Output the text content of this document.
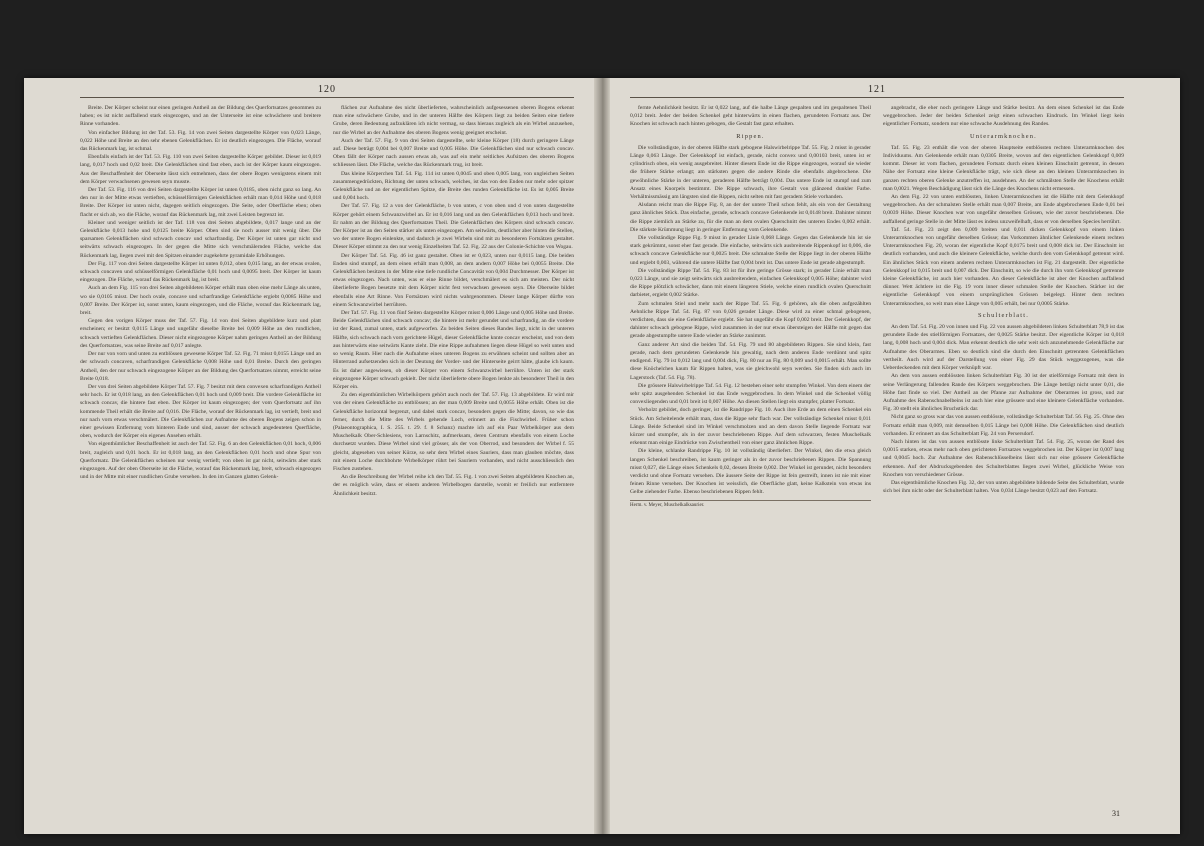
120

Breite. Der Körper scheint nur einen geringen Antheil an der Bildung des Querfortsatzes genommen zu haben; es ist nicht auffallend stark eingezogen, und an der Unterseite ist eine schwächere und breitere Rinne vorhanden.

Von einfacher Bildung ist der Taf. 53. Fig. 14 von zwei Seiten dargestellte Körper von 0,023 Länge, 0,022 Höhe und Breite an den sehr ebenen Gelenkflächen. Er ist deutlich eingezogen. Die Fläche, worauf das Rückenmark lag, ist schmal.

Ebenfalls einfach ist der Taf. 53. Fig. 110 von zwei Seiten dargestellte Körper gebildet. Dieser ist 0,019 lang, 0,017 hoch und 0,02 breit. Die Gelenkflächen sind fast eben, auch ist der Körper kaum eingezogen. Aus der Beschaffenheit der Oberseite lässt sich entnehmen, dass der obere Bogen wenigstens einem mit dem Körper verwachsenen gewesen seyn musste.

Der Taf. 53. Fig. 116 von drei Seiten dargestellte Körper ist unten 0,0185, oben nicht ganz so lang. An den nur in der Mitte etwas vertieften, schüsselförmigen Gelenkflächen erhält man 0,014 Höhe und 0,018 Breite. Der Körper ist unten nicht, dagegen seitlich eingezogen. Die Seite, oder Oberfläche eben; oben flacht er sich ab, wo die Fläche, worauf das Rückenmark lag, mit zwei Leisten begrenzt ist.

Kleiner und weniger seitlich ist der Taf. 118 von drei Seiten abgebildete, 0,017 lange und an der Gelenkfläche 0,013 hohe und 0,0125 breite Körper. Oben sind sie noch ausser mit wenig über. Die sparsamen Gelenkflächen sind schwach concav und scharfrandig. Der Körper ist unten gar nicht und seitwärts schwach eingezogen. In der gegen die Mitte sich verschmälernden Fläche, welche das Rückenmark lag, liegen zwei mit den Spitzen einander zugekehrte pyramidale Erhöhungen.

Der Fig. 117 von drei Seiten dargestellte Körper ist unten 0,012, oben 0,015 lang, an der etwas ovalen, schwach concaven und schüsselförmigen Gelenkfläche 0,01 hoch und 0,0095 breit. Der Körper ist kaum eingezogen. Die Fläche, worauf das Rückenmark lag, ist breit.

Auch an dem Fig. 115 von drei Seiten abgebildeten Körper erhält man oben eine mehr Länge als unten, wo sie 0,0105 misst. Der hoch ovale, concave und scharfrandige Gelenkfläche ergiebt 0,0085 Höhe und 0,007 Breite. Der Körper ist, sonst unten, kaum eingezogen, und die Fläche, worauf das Rückenmark lag, breit.

Gegen den vorigen Körper muss der Taf. 57. Fig. 14 von drei Seiten abgebildete kurz und platt erscheinen; er besitzt 0,0115 Länge und ungefähr dieselbe Breite bei 0,009 Höhe an den rundlichen, schwach vertieften Gelenkflächen. Dieser nicht eingezogene Körper nahm geringen Antheil an der Bildung des Querfortsatzes, was seine Breite auf 0,017 anlegte.

Der nur von vorn und unten zu entblössen gewesene Körper Taf. 52. Fig. 71 misst 0,0155 Länge und an der schwach concaven, scharfrandigen Gelenkfläche 0,008 Höhe und 0,01 Breite. Durch den geringen Antheil, den der nur schwach eingezogene Körper an der Bildung des Querfortsatzes nimmt, erreicht seine Breite 0,018.

Der von drei Seiten abgebildete Körper Taf. 57. Fig. 7 besitzt mit dem convexen scharfrandigen Antheil sehr hoch. Er ist 0,018 lang, an den Gelenkflächen 0,01 hoch und 0,009 breit. Die vordere Gelenkfläche ist schwach concav, die hintere fast eben. Der Körper ist kaum eingezogen; der vom Querfortsatz auf ihn kommende Theil erhält die Breite auf 0,016. Die Fläche, worauf der Rückenmark lag, ist vertieft, breit und nur nach vorn etwas verschmälert. Die Gelenkflächen zur Aufnahme des oberen Bogens zeigen schon in einer gewissen Entfernung vom hinteren Ende und sind, ausser der schwach angedeuteten Querfläche, oben, wodurch der Körper ein eigenes Ansehen erhält.

Von eigenthümlicher Beschaffenheit ist auch der Taf. 52. Fig. 6 an den Gelenkflächen 0,01 hoch, 0,006 breit, zugleich und 0,01 hoch. Er ist 0,018 lang, an den Gelenkflächen 0,01 hoch und ohne Spur von Querfortsatz. Die Gelenkflächen scheinen nur wenig vertieft; von oben ist gar nicht, seitwärts aber stark eingezogen. Auf der oben Oberseite ist die Fläche, worauf das Rückenmark lag, breit, schwach eingezogen und in der Mitte mit einer rundlichen Grube versehen. In den im Ganzen glatten Gelenk-

flächen zur Aufnahme des nicht überlieferten, wahrscheinlich aufgesessenen oberen Bogens erkennt man eine schwächere Grube, und in der unteren Hälfte des Körpers liegt zu beiden Seiten eine tiefere Grube, deren Bedeutung aufzuklären ich nicht vermag, so dass hieraus zugleich als ein Wirbel anzusehen, nur die Wirbel an der Aufnahme des oberen Bogens wenig geeignet erscheint.

Auch der Taf. 57. Fig. 9 von drei Seiten dargestellte, sehr kleine Körper (18) durch geringere Länge auf. Diese beträgt 0,004 bei 0,007 Breite und 0,005 Höhe. Die Gelenkflächen sind nur schwach concav. Oben fällt der Körper nach aussen etwas ab, was auf ein mehr seitliches Aufsitzen des oberen Bogens schliessen lässt. Die Fläche, welche das Rückenmark trug, ist breit.

Das kleine Körperchen Taf. 54. Fig. 114 ist unten 0,0045 und oben 0,005 lang, von ungleichen Seiten zusammengedrückten, Richtung der unten schwach, welches, ist das von den Enden nur mehr oder spitzer Gelenkfläche und an der eigentlichen Spitze, die Breite des runden Gelenkfläche ist. Es ist 0,005 Breite und 0,004 hoch.

Der Taf. 57. Fig. 12 a von der Gelenkfläche, b von unten, c von oben und d von unten dargestellte Körper gehört einem Schwanzwirbel an. Er ist 0,016 lang und an den Gelenkflächen 0,013 hoch und breit. Er nahm an der Bildung des Querfortsatzes Theil. Die Gelenkflächen des Körpers sind schwach concav. Der Körper ist an den Seiten stärker als unten eingezogen. Am seitwärts, deutlicher aber hinten die Stellen, wo der untere Bogen einlenkte, und dadurch je zwei Wirbeln sind mit zu besonderen Fortsätzen gestaltet. Dieser Körper stimmt zu den nur wenig Einzelheiten Taf. 52. Fig. 22 aus der Colonie-Schichte von Wogau.

Der Körper Taf. 54. Fig. 46 ist ganz gestaltet. Oben ist er 0,023, unten nur 0,0115 lang. Die beiden Enden sind stumpf, an dem einen erhält man 0,008, an dem andern 0,007 Höhe bei 0,0055 Breite. Die Gelenkflächen besitzen in der Mitte eine tiefe rundliche Concavität von 0,004 Durchmesser. Der Körper ist etwas eingezogen. Nach unten, was er eine Rinne bildet, verschmälert es sich am meisten. Der nicht überlieferte Bogen besetzte mit dem Körper nicht fest verwachsen gewesen seyn. Die Oberseite bildet ebenfalls eine Art Rinne. Von Fortsätzen wird nichts wahrgenommen. Dieser lange Körper dürfte von einem Schwanzwirbel herrühren.

Der Taf. 57. Fig. 11 von fünf Seiten dargestellte Körper misst 0,006 Länge und 0,005 Höhe und Breite. Beide Gelenkflächen sind schwach concav; die hintere ist mehr gerundet und scharfrandig, an die vordere ist der Rand, zumal unten, stark aufgeworfen. Zu beiden Seiten dieses Randes liegt, nicht in der unteren Hälfte, sich schwach nach vorn gerichtete Hügel, dieser Gelenkfläche knnte concav erscheint, und von dem aus hinterwärts eine seitwärts Kante zieht. Die eine Rippe aufnahmen liegen diese Hügel so weit unten und so wenig Raum. Hier nach die Aufnahme eines unteren Bogens zu erwähnen scheint und sollten aber an Hinterrand aufsetzenden sich in der Deutung der Vorder- und der Hinterseite geirrt hätte, glaube ich kaum. Es ist daher angewiesen, ob dieser Körper von einem Schwanzwirbel herrühre. Unten ist der stark eingezogene Körper schwach gekielt. Der nicht überlieferte obere Bogen lenkte als besonderer Theil in den Körper ein.

Zu den eigenthümlichen Wirbelkörpern gehört auch noch der Taf. 57. Fig. 13 abgebildete. Er wird mir von der einen Gelenkfläche zu entblössen; an der man 0,009 Breite und 0,0055 Höhe erhält. Oben ist die Gelenkfläche horizontal begrenzt, und dabei stark concav, besonders gegen die Mitte; davon, so wie das ferner, durch die Mitte des Wirbels gehende Loch, erinnert an die Fischwirbel. Früher schon (Palaeontographica, I. S. 255. t. 29. f. 8 Schanz) machte ich auf ein Paar Wirbelkörper aus dem Muschelkalk Ober-Schlesiens, von Larnschitz, aufmerksam, deren Centrum ebenfalls von einem Loche durchsetzt wurden. Diese Wirbel sind viel grösser, als der von Oberrod, und besonders der Wirbel f. 55 gleicht, abgesehen von seiner Kürze, so sehr dem Wirbel eines Sauriers, dass man glauben möchte, dass mit einem Loche durchbohrte Wirbelkörper rührt bei Sauriern vorhanden, und nicht ausschliesslich den Fischen zustehen.

An die Beschreibung der Wirbel reihe ich den Taf. 55. Fig. 1 von zwei Seiten abgebildeten Knochen an, der es möglich wäre, dass er einem anderen Wirbelbogen darstelle, womit er freilich nur entferntere Ähnlichkeit besitzt.

121

fernte Aehnlichkeit besitzt. Er ist 0,022 lang, auf die halbe Länge gespalten und im gespaltenen Theil 0,012 breit. Jeder der beiden Schenkel geht hinterwärts in einen flachen, gerundeten Fortsatz aus. Der Knochen ist schwach nach hinten gebogen, die Gestalt fast ganz erhalten.

Rippen.

Die vollständigste, in der oberen Hälfte stark gebogene Halswirbelrippe Taf. 55. Fig. 2 misst in gerader Länge 0,063 Länge. Der Gelenkkopf ist einfach, gerade, nicht convex und 0,00103 breit, unten ist er cylindrisch oben, ein wenig ausgebreitet. Hinter diesem Ende ist die Rippe eingezogen, worauf sie wieder die frühere Stärke erlangt; am stärksten gegen die andere Rinde die ebenfalls abgebrochene. Die gewöhnliche Stärke in der unteren, geraderen Hälfte beträgt 0,004. Das untere Ende ist stumpf und zum Ansatz eines Knorpels bestimmt. Die Rippe schwach, ihre Gestalt von glänzend dunkler Farbe. Verhältnissmässig am längsten sind die Rippen, nicht selten mit fast geradem Stiele vorhanden.

Alsdann reicht man die Rippe Fig. 8, an der der untere Theil schon fehlt, als ein von der Gestaltung ganz ähnliches Stück. Das einfache, gerade, schwach concave Gelenkende ist 0,0148 breit. Dahinter nimmt die Rippe ziemlich an Stärke zu, für die man an dem ovalen Querschnitt des unteren Endes 0,002 erhält. Die stärkste Krümmung liegt in geringer Entfernung vom Gelenkende.

Die vollständige Rippe Fig. 9 misst in gerader Linie 0,068 Länge. Gegen das Gelenkende hin ist sie stark gekrümmt, sonst eher fast gerade. Die einfache, seitwärts sich ausbreitende Rippenkopf ist 0,006, die schwach concave Gelenkfläche nur 0,0025 breit. Die schmalste Stelle der Rippe liegt in der oberen Hälfte und ergiebt 0,003, während die untere Hälfte fast 0,004 breit ist. Das untere Ende ist gerade abgestumpft.

Die vollständige Rippe Taf. 54. Fig. 83 ist für ihre geringe Grösse stark; in gerader Linie erhält man 0,023 Länge, und sie zeigt seitwärts sich ausbreitendem, einfachen Gelenkkopf 0,005 Höhe; dahinter wird die Rippe plötzlich schwächer, dann mit einem längeren Stiele, welche einen rundlich ovalen Querschnitt darbietet, ergiebt 0,002 Stärke.

Zum schmalen Stiel und mehr nach der Rippe Taf. 55. Fig. 6 gehören, als die oben aufgezählten Aehnliche Rippe Taf. 54. Fig. 87 von 0,026 gerader Länge. Diese wird zu einer schmal gebogenen, verdichten, dass sie eine Gelenkfläche ergiebt. Sie hat ungefähr die Kopf 0,002 breit. Der Gelenkkopf, der dahinter schwach gebogene Rippe, wird zusammen in der nur etwas übersteigen der Hälfte mit gegen das gerade abgestumpfte untere Ende wieder an Stärke zunimmt.

Ganz anderer Art sind die beiden Taf. 54. Fig. 79 und 80 abgebildeten Rippen. Sie sind klein, fast gerade, nach dem gerundeten Gelenkende hin gewaltig, nach dem anderen Ende verdünnt und spitz endigend. Fig. 79 ist 0,012 lang und 0,004 dick, Fig. 80 nur an Fig. 80 0,009 und 0,0015 erhält. Man sollte diese Knöchelchen kaum für Rippen halten, was sie gleichwohl seyn werden. Sie finden sich auch im Lagerstock (Taf. 54. Fig. 78).

Die grössere Halswirbelrippe Taf. 54. Fig. 12 bestehen einer sehr stumpfen Winkel. Von dem einem der sehr spitz ausgehenden Schenkel ist das Ende weggebrochen. In dem Winkel und die Schenkel völlig convexliegenden und 0,01 breit ist 0,007 Höhe. An diesen Stellen liegt ein stumpfer, platter Fortsatz.

Verholzt gebildet, doch geringer, ist die Randrippe Fig. 10. Auch ihre Erde an dem einen Schenkel ein Stück. Am Scheitelende erhält man, dass die Rippe sehr flach war. Der vollständige Schenkel misst 0,011 Länge. Beide Schenkel sind im Winkel verschmolzen und an dem davon Stelle liegende Fortsatz war kürzer und stumpfer, als in der zuvor beschriebenen Rippe. Auf dem schwarzen, festen Muschelkalk erkennt man einige Eindrücke von Zwischentheil von einer ganz ähnlichen Rippe.

Die kleine, schlanke Randrippe Fig. 10 ist vollständig überliefert. Der Winkel, den die etwa gleich langen Schenkel beschreiben, ist kaum geringer als in der zuvor beschriebenen Rippen. Die Spannung misst 0,027, die Länge eines Schenkels 0,02, dessen Breite 0,002. Der Winkel ist gerundet, nicht besonders verdickt und ohne Fortsatz versehen. Die äussere Seite der Rippe ist fein gestreift, innen ist nie mit einer feinen Rinne versehen. Der Knochen ist weisslich, die Oberfläche glatt, keine Kalkstein von etwas ins Gelbe ziehender Farbe. Ebenso beschriebenen Rippen fehlt.

Herm. v. Meyer, Muschelkalksaurier.

angebracht, die eher noch geringere Länge und Stärke besitzt. An dem einen Schenkel ist das Ende weggebrochen. Jeder der beiden Schenkel zeigt einen schwachen Eindruck. Im Winkel liegt kein eigentlicher Fortsatz, sondern nur eine schwache Ausdehnung des Randes.

Unterarmknochen.

Taf. 55. Fig. 23 enthält die von der oberen Hauptseite entblössten rechten Unterarmknochen des Individuums. Am Gelenkende erhält man 0,0305 Breite, wovon auf den eigentlichen Gelenkkopf 0,009 kommt. Dieser ist vom flachen, gerundeten Fortsatz durch einen kleinen Einschnitt getrennt, in dessen Nähe der Fortsatz eine kleine Gelenkfläche trägt, wie sich diese an den kleinen Unterarmknochen in ganzen rechten oberen Gelenke anzutreffen ist, ausdehnen. An der schmälsten Stelle der Knochens erhält man 0,0021. Wegen Beschädigung lässt sich die Länge des Knochens nicht ermessen.

An dem Fig. 22 von unten entblössten, linken Unterarmknochen ist die Hälfte mit dem Gelenkkopf weggebrochen. An der schmalsten Stelle erhält man 0,007 Breite, am Ende abgebrochenen Ende 0,01 bei 0,0039 Höhe. Dieser Knochen war von ungefähr denselben Grössen, wie der zuvor beschriebenen. Die auffallend geringe Stelle in der Mitte lässt es indess unzweifelhaft, dass er von derselben Species herrührt.

Taf. 54. Fig. 23 zeigt den 0,009 breiten und 0,011 dicken Gelenkkopf von einem linken Unterarmknochen von ungefähr derselben Grösse; das Vorkommen ähnlicher Gelenkende einem rechten Unterarmknochen Fig. 20, woran der eigentliche Kopf 0,0175 breit und 0,008 dick ist. Der Einschnitt ist deutlich vorhanden, und auch die kleinere Gelenkfläche, welche durch den vom Gelenkkopf getrennt wird. Ein ähnliches Stück von einem anderen rechten Unterarmknochen ist Fig. 21 dargestellt. Der eigentliche Gelenkkopf ist 0,015 breit und 0,007 dick. Der Einschnitt, so wie die durch ihn vom Gelenkkopf getrennte kleine Gelenkfläche, ist auch hier vorhanden. An dieser Gelenkfläche ist aber der Knochen auffallend dünner. Wett ächtlere ist die Fig. 19 vom inner dieser schmalen Stelle der Knochen. Stärker ist der eigentliche Gelenkkopf von einem ursprünglichen Grössen beigelegt. Hinter dem rechten Unterarmknochen, so weit man eine Länge von 0,005 erhält, bei nur 0,0005 Stärke.

Schulterblatt.

An dem Taf. 54. Fig. 20 von innen und Fig. 22 von aussen abgebildeten linken Schulterblatt 78,9 ist das gerundete Ende des stielförmigen Fortsatzes, der 0,0025 Stärke besitzt. Der eigentliche Körper ist 0,018 lang, 0,008 hoch und 0,004 dick. Man erkennt deutlich die sehr weit sich anzunehmende Gelenkfläche zur Aufnahme des Oberarmes. Eben so deutlich sind die durch den Einschnitt getrennten Gelenkflächen vertheilt. Auch wird auf der Darstellung von einer Fig. 29 das Stück weggezogenes, was die Ueberdeckenden mit dem Körper verknüpft war.

An dem von aussen entblössten linken Schulterblatt Fig. 30 ist der stielförmige Fortsatz mit dem in seine Verlängerung fallenden Rande des Körpers weggebrochen. Die Länge beträgt nicht unter 0,01, die Höhe fast finde so viel. Der Antheil an der Pfanne zur Aufnahme der Oberarmes ist gross, und zur Aufnahme des Rabenschnabelbeins ist auch hier eine grössere und eine kleinere Gelenkfläche vorhanden. Fig. 30 stellt ein ähnliches Bruchstück dar.

Nicht ganz so gross war das von aussen entblösste, vollständige Schulterblatt Taf. 56. Fig. 25. Ohne den Fortsatz erhält man 0,009, mit demselben 0,015 Länge bei 0,008 Höhe. Die Gelenkflächen sind deutlich vorhanden. Er erinnert an das Schulterblatt Fig. 24 von Persersdorf.

Nach hinten ist das von aussen entblösste linke Schulterblatt Taf. 54. Fig. 25, woran der Rand des 0,0015 starken, etwas mehr nach oben gerichteten Fortsatzes weggebrochen ist. Der Körper ist 0,007 lang und 0,0045 hoch. Zur Aufnahme des Rabenschlüsselbeins lässt sich nur eine grössere Gelenkfläche erkennen. Auf der Abdrucksgebenden des Schulterblattes liegen zwei Wirbel, glückliche Weise von Knochen von verschiedener Grösse.

Das eigenthümliche Knochen Fig. 32, der von unten abgebildete bildende Seite des Schulterblatt, wurde sich bei ihm nicht oder der Schulterblatt halten. Von 0,034 Länge besitzt 0,023 auf den Fortsatz.

31
